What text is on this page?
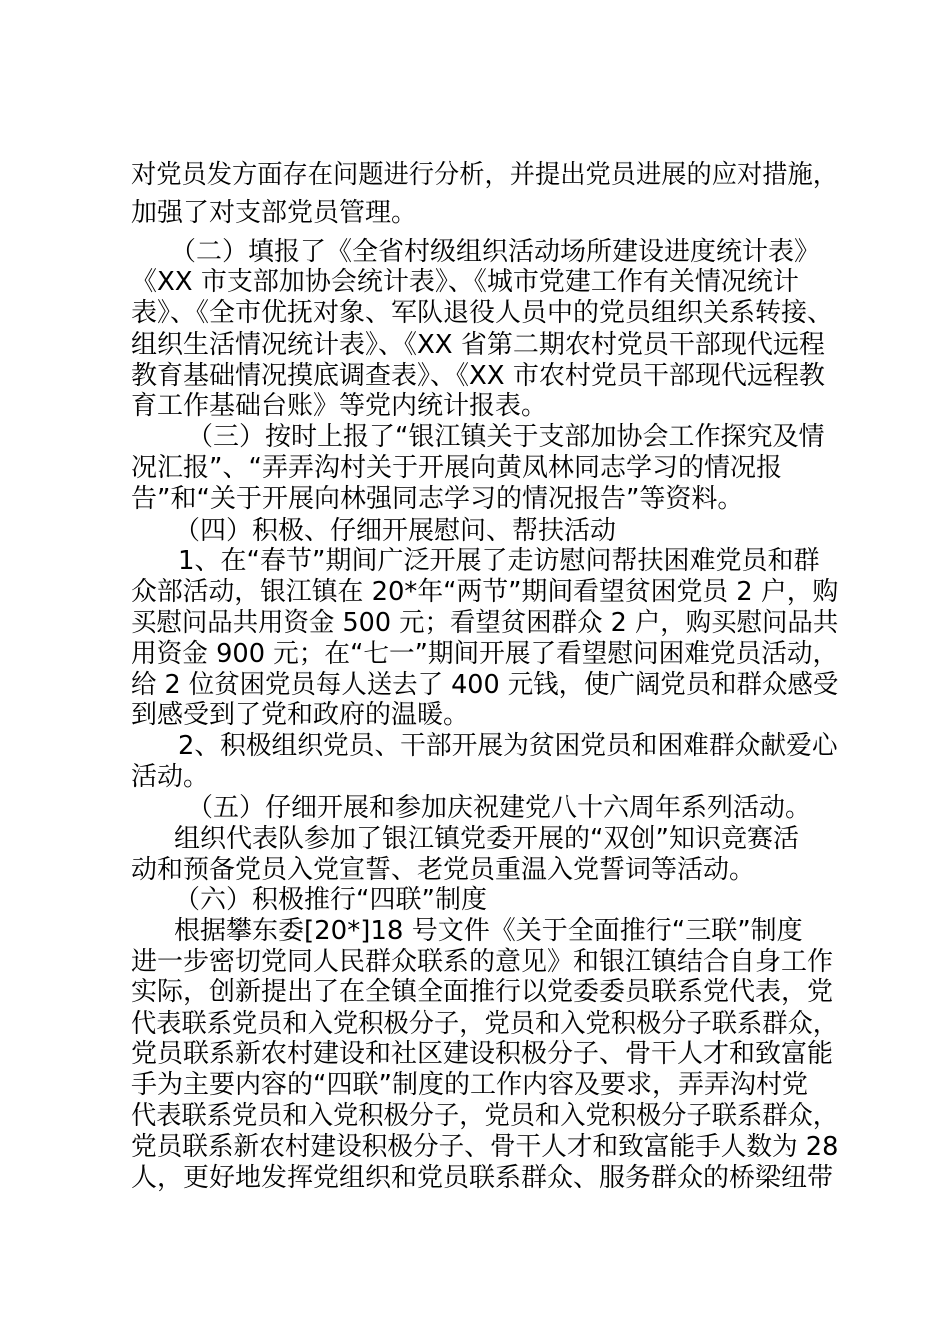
对党员发方面存在问题进行分析，并提出党员进展的应对措施，

加强了对支部党员管理。

（二）填报了《全省村级组织活动场所建设进度统计表》

《XX 市支部加协会统计表》、《城市党建工作有关情况统计

表》、《全市优抚对象、军队退役人员中的党员组织关系转接、

组织生活情况统计表》、《XX 省第二期农村党员干部现代远程

教育基础情况摸底调查表》、《XX 市农村党员干部现代远程教

育工作基础台账》等党内统计报表。

（三）按时上报了“银江镇关于支部加协会工作探究及情

况汇报”、“弄弄沟村关于开展向黄凤林同志学习的情况报

告”和“关于开展向林强同志学习的情况报告”等资料。

（四）积极、仔细开展慰问、帮扶活动

1、在“春节”期间广泛开展了走访慰问帮扶困难党员和群

众部活动，银江镇在 20*年“两节”期间看望贫困党员 2 户，购

买慰问品共用资金 500 元；看望贫困群众 2 户，购买慰问品共

用资金 900 元；在“七一”期间开展了看望慰问困难党员活动，

给 2 位贫困党员每人送去了 400 元钱，使广阔党员和群众感受

到感受到了党和政府的温暖。

2、积极组织党员、干部开展为贫困党员和困难群众献爱心

活动。

（五）仔细开展和参加庆祝建党八十六周年系列活动。

组织代表队参加了银江镇党委开展的“双创”知识竞赛活

动和预备党员入党宣誓、老党员重温入党誓词等活动。

（六）积极推行“四联”制度

根据攀东委[20*]18 号文件《关于全面推行“三联”制度

进一步密切党同人民群众联系的意见》和银江镇结合自身工作

实际，创新提出了在全镇全面推行以党委委员联系党代表，党

代表联系党员和入党积极分子，党员和入党积极分子联系群众，

党员联系新农村建设和社区建设积极分子、骨干人才和致富能

手为主要内容的“四联”制度的工作内容及要求，弄弄沟村党

代表联系党员和入党积极分子，党员和入党积极分子联系群众，

党员联系新农村建设积极分子、骨干人才和致富能手人数为 28

人，更好地发挥党组织和党员联系群众、服务群众的桥梁纽带
